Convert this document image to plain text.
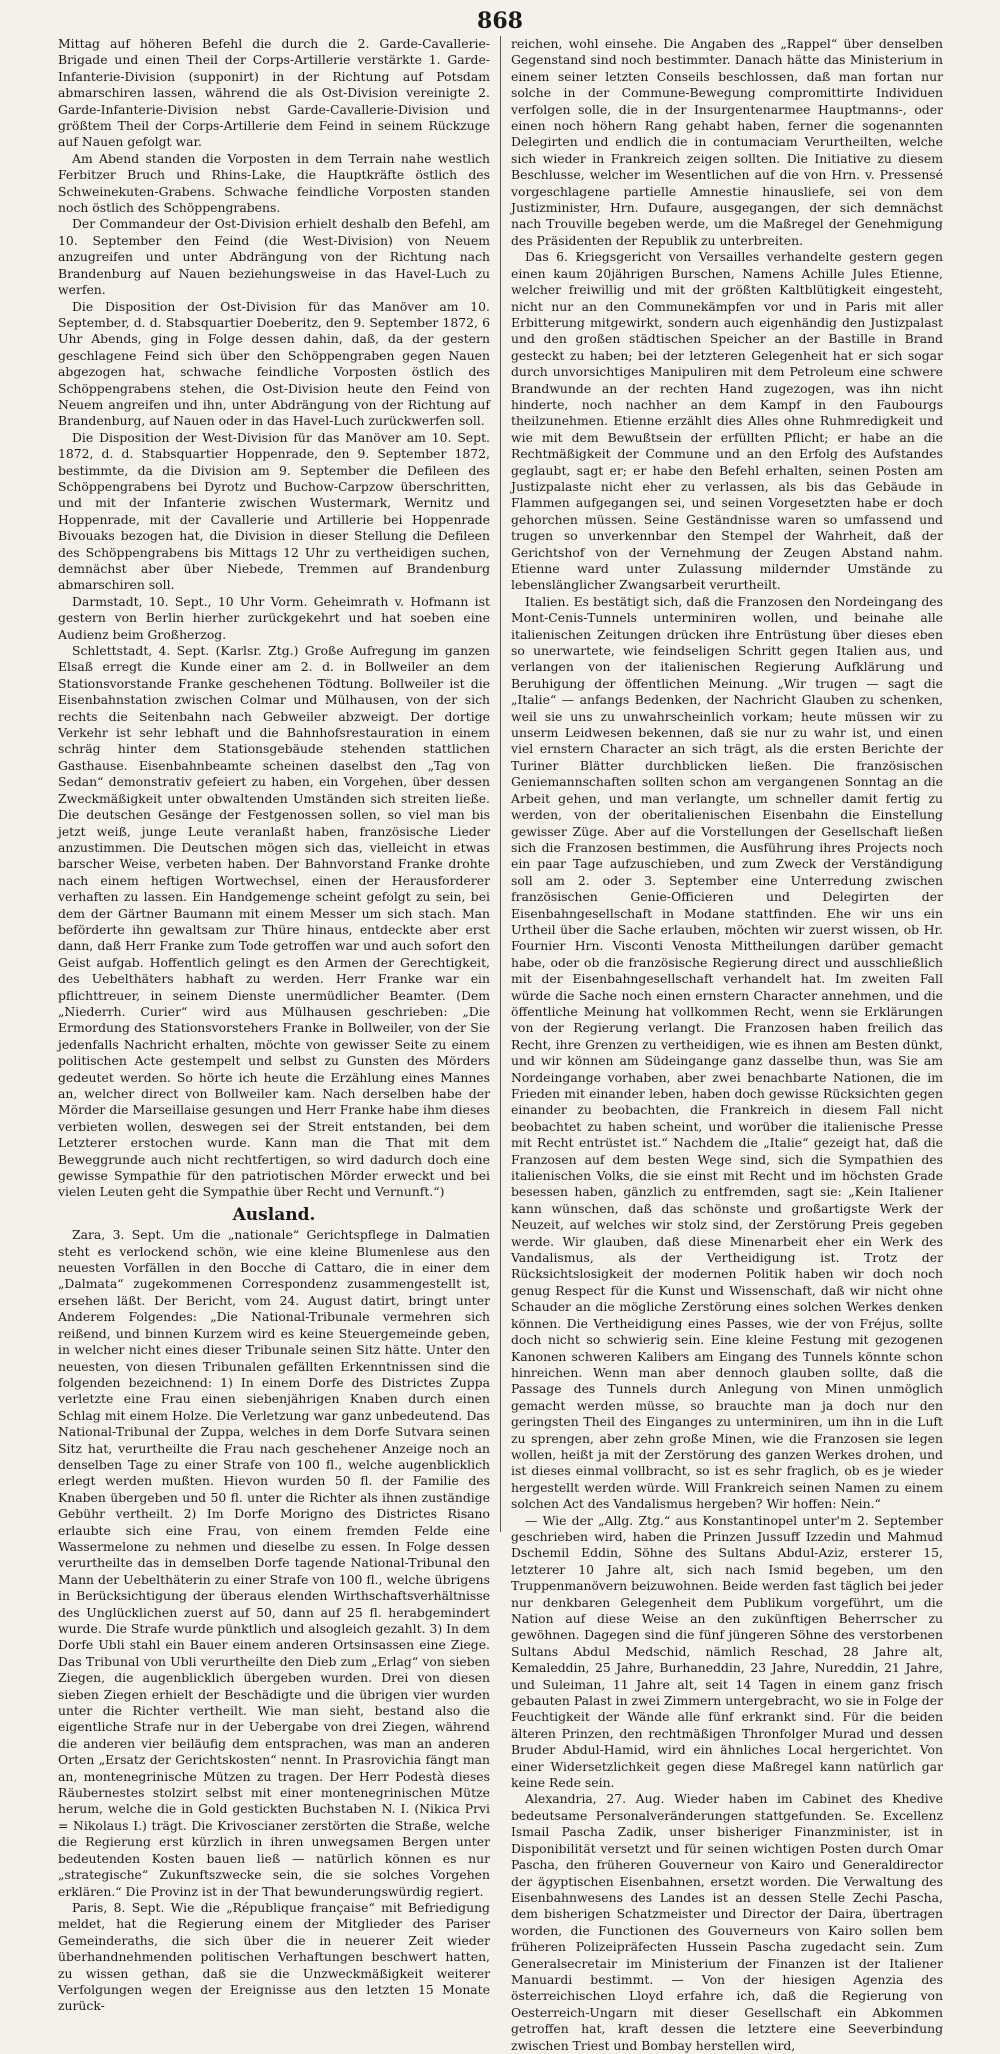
868

Mittag auf höheren Befehl die durch die 2. Garde-Cavallerie-Brigade und einen Theil der Corps-Artillerie verstärkte 1. Garde-Infanterie-Division (supponirt) in der Richtung auf Potsdam abmarschiren lassen, während die als Ost-Division vereinigte 2. Garde-Infanterie-Division nebst Garde-Cavallerie-Division und größtem Theil der Corps-Artillerie dem Feind in seinem Rückzuge auf Nauen gefolgt war.

Am Abend standen die Vorposten in dem Terrain nahe westlich Ferbitzer Bruch und Rhins-Lake, die Hauptkräfte östlich des Schweinekuten-Grabens. Schwache feindliche Vorposten standen noch östlich des Schöppengrabens.

Der Commandeur der Ost-Division erhielt deshalb den Befehl, am 10. September den Feind (die West-Division) von Neuem anzugreifen und unter Abdrängung von der Richtung nach Brandenburg auf Nauen beziehungsweise in das Havel-Luch zu werfen.

Die Disposition der Ost-Division für das Manöver am 10. September, d. d. Stabsquartier Doeberitz, den 9. September 1872, 6 Uhr Abends, ging in Folge dessen dahin, daß, da der gestern geschlagene Feind sich über den Schöppengraben gegen Nauen abgezogen hat, schwache feindliche Vorposten östlich des Schöppengrabens stehen, die Ost-Division heute den Feind von Neuem angreifen und ihn, unter Abdrängung von der Richtung auf Brandenburg, auf Nauen oder in das Havel-Luch zurückwerfen soll.

Die Disposition der West-Division für das Manöver am 10. Sept. 1872, d. d. Stabsquartier Hoppenrade, den 9. September 1872, bestimmte, da die Division am 9. September die Defileen des Schöppengrabens bei Dyrotz und Buchow-Carpzow überschritten, und mit der Infanterie zwischen Wustermark, Wernitz und Hoppenrade, mit der Cavallerie und Artillerie bei Hoppenrade Bivouaks bezogen hat, die Division in dieser Stellung die Defileen des Schöppengrabens bis Mittags 12 Uhr zu vertheidigen suchen, demnächst aber über Niebede, Tremmen auf Brandenburg abmarschiren soll.

Darmstadt, 10. Sept., 10 Uhr Vorm. Geheimrath v. Hofmann ist gestern von Berlin hierher zurückgekehrt und hat soeben eine Audienz beim Großherzog.

Schlettstadt, 4. Sept. (Karlsr. Ztg.) Große Aufregung im ganzen Elsaß erregt die Kunde einer am 2. d. in Bollweiler an dem Stationsvorstande Franke geschehenen Tödtung. Bollweiler ist die Eisenbahnstation zwischen Colmar und Mülhausen, von der sich rechts die Seitenbahn nach Gebweiler abzweigt. Der dortige Verkehr ist sehr lebhaft und die Bahnhofsrestauration in einem schräg hinter dem Stationsgebäude stehenden stattlichen Gasthause. Eisenbahnbeamte scheinen daselbst den „Tag von Sedan“ demonstrativ gefeiert zu haben, ein Vorgehen, über dessen Zweckmäßigkeit unter obwaltenden Umständen sich streiten ließe. Die deutschen Gesänge der Festgenossen sollen, so viel man bis jetzt weiß, junge Leute veranlaßt haben, französische Lieder anzustimmen. Die Deutschen mögen sich das, vielleicht in etwas barscher Weise, verbeten haben. Der Bahnvorstand Franke drohte nach einem heftigen Wortwechsel, einen der Herausforderer verhaften zu lassen. Ein Handgemenge scheint gefolgt zu sein, bei dem der Gärtner Baumann mit einem Messer um sich stach. Man beförderte ihn gewaltsam zur Thüre hinaus, entdeckte aber erst dann, daß Herr Franke zum Tode getroffen war und auch sofort den Geist aufgab. Hoffentlich gelingt es den Armen der Gerechtigkeit, des Uebelthäters habhaft zu werden. Herr Franke war ein pflichttreuer, in seinem Dienste unermüdlicher Beamter. (Dem „Niederrh. Curier“ wird aus Mülhausen geschrieben: „Die Ermordung des Stationsvorstehers Franke in Bollweiler, von der Sie jedenfalls Nachricht erhalten, möchte von gewisser Seite zu einem politischen Acte gestempelt und selbst zu Gunsten des Mörders gedeutet werden. So hörte ich heute die Erzählung eines Mannes an, welcher direct von Bollweiler kam. Nach derselben habe der Mörder die Marseillaise gesungen und Herr Franke habe ihm dieses verbieten wollen, deswegen sei der Streit entstanden, bei dem Letzterer erstochen wurde. Kann man die That mit dem Beweggrunde auch nicht rechtfertigen, so wird dadurch doch eine gewisse Sympathie für den patriotischen Mörder erweckt und bei vielen Leuten geht die Sympathie über Recht und Vernunft.“)

Ausland.

Zara, 3. Sept. Um die „nationale“ Gerichtspflege in Dalmatien steht es verlockend schön, wie eine kleine Blumenlese aus den neuesten Vorfällen in den Bocche di Cattaro, die in einer dem „Dalmata“ zugekommenen Correspondenz zusammengestellt ist, ersehen läßt. Der Bericht, vom 24. August datirt, bringt unter Anderem Folgendes: „Die National-Tribunale vermehren sich reißend, und binnen Kurzem wird es keine Steuergemeinde geben, in welcher nicht eines dieser Tribunale seinen Sitz hätte. Unter den neuesten, von diesen Tribunalen gefällten Erkenntnissen sind die folgenden bezeichnend: 1) In einem Dorfe des Districtes Zuppa verletzte eine Frau einen siebenjährigen Knaben durch einen Schlag mit einem Holze. Die Verletzung war ganz unbedeutend. Das National-Tribunal der Zuppa, welches in dem Dorfe Sutvara seinen Sitz hat, verurtheilte die Frau nach geschehener Anzeige noch an denselben Tage zu einer Strafe von 100 fl., welche augenblicklich erlegt werden mußten. Hievon wurden 50 fl. der Familie des Knaben übergeben und 50 fl. unter die Richter als ihnen zuständige Gebühr vertheilt. 2) Im Dorfe Morigno des Districtes Risano erlaubte sich eine Frau, von einem fremden Felde eine Wassermelone zu nehmen und dieselbe zu essen. In Folge dessen verurtheilte das in demselben Dorfe tagende National-Tribunal den Mann der Uebelthäterin zu einer Strafe von 100 fl., welche übrigens in Berücksichtigung der überaus elenden Wirthschaftsverhältnisse des Unglücklichen zuerst auf 50, dann auf 25 fl. herabgemindert wurde. Die Strafe wurde pünktlich und alsogleich gezahlt. 3) In dem Dorfe Ubli stahl ein Bauer einem anderen Ortsinsassen eine Ziege. Das Tribunal von Ubli verurtheilte den Dieb zum „Erlag“ von sieben Ziegen, die augenblicklich übergeben wurden. Drei von diesen sieben Ziegen erhielt der Beschädigte und die übrigen vier wurden unter die Richter vertheilt. Wie man sieht, bestand also die eigentliche Strafe nur in der Uebergabe von drei Ziegen, während die anderen vier beiläufig dem entsprachen, was man an anderen Orten „Ersatz der Gerichtskosten“ nennt. In Prasrovichia fängt man an, montenegrinische Mützen zu tragen. Der Herr Podestà dieses Räubernestes stolzirt selbst mit einer montenegrinischen Mütze herum, welche die in Gold gestickten Buchstaben N. I. (Nikica Prvi = Nikolaus I.) trägt. Die Krivoscianer zerstörten die Straße, welche die Regierung erst kürzlich in ihren unwegsamen Bergen unter bedeutenden Kosten bauen ließ — natürlich können es nur „strategische“ Zukunftszwecke sein, die sie solches Vorgehen erklären.“ Die Provinz ist in der That bewunderungswürdig regiert.

Paris, 8. Sept. Wie die „République française“ mit Befriedigung meldet, hat die Regierung einem der Mitglieder des Pariser Gemeinderaths, die sich über die in neuerer Zeit wieder überhandnehmenden politischen Verhaftungen beschwert hatten, zu wissen gethan, daß sie die Unzweckmäßigkeit weiterer Verfolgungen wegen der Ereignisse aus den letzten 15 Monate zurück-

reichen, wohl einsehe. Die Angaben des „Rappel“ über denselben Gegenstand sind noch bestimmter. Danach hätte das Ministerium in einem seiner letzten Conseils beschlossen, daß man fortan nur solche in der Commune-Bewegung compromittirte Individuen verfolgen solle, die in der Insurgentenarmee Hauptmanns-, oder einen noch höhern Rang gehabt haben, ferner die sogenannten Delegirten und endlich die in contumaciam Verurtheilten, welche sich wieder in Frankreich zeigen sollten. Die Initiative zu diesem Beschlusse, welcher im Wesentlichen auf die von Hrn. v. Pressensé vorgeschlagene partielle Amnestie hinausliefe, sei von dem Justizminister, Hrn. Dufaure, ausgegangen, der sich demnächst nach Trouville begeben werde, um die Maßregel der Genehmigung des Präsidenten der Republik zu unterbreiten.

Das 6. Kriegsgericht von Versailles verhandelte gestern gegen einen kaum 20jährigen Burschen, Namens Achille Jules Etienne, welcher freiwillig und mit der größten Kaltblütigkeit eingesteht, nicht nur an den Communekämpfen vor und in Paris mit aller Erbitterung mitgewirkt, sondern auch eigenhändig den Justizpalast und den großen städtischen Speicher an der Bastille in Brand gesteckt zu haben; bei der letzteren Gelegenheit hat er sich sogar durch unvorsichtiges Manipuliren mit dem Petroleum eine schwere Brandwunde an der rechten Hand zugezogen, was ihn nicht hinderte, noch nachher an dem Kampf in den Faubourgs theilzunehmen. Etienne erzählt dies Alles ohne Ruhmredigkeit und wie mit dem Bewußtsein der erfüllten Pflicht; er habe an die Rechtmäßigkeit der Commune und an den Erfolg des Aufstandes geglaubt, sagt er; er habe den Befehl erhalten, seinen Posten am Justizpalaste nicht eher zu verlassen, als bis das Gebäude in Flammen aufgegangen sei, und seinen Vorgesetzten habe er doch gehorchen müssen. Seine Geständnisse waren so umfassend und trugen so unverkennbar den Stempel der Wahrheit, daß der Gerichtshof von der Vernehmung der Zeugen Abstand nahm. Etienne ward unter Zulassung mildernder Umstände zu lebenslänglicher Zwangsarbeit verurtheilt.

Italien. Es bestätigt sich, daß die Franzosen den Nordeingang des Mont-Cenis-Tunnels unterminiren wollen, und beinahe alle italienischen Zeitungen drücken ihre Entrüstung über dieses eben so unerwartete, wie feindseligen Schritt gegen Italien aus, und verlangen von der italienischen Regierung Aufklärung und Beruhigung der öffentlichen Meinung. „Wir trugen — sagt die „Italie“ — anfangs Bedenken, der Nachricht Glauben zu schenken, weil sie uns zu unwahrscheinlich vorkam; heute müssen wir zu unserm Leidwesen bekennen, daß sie nur zu wahr ist, und einen viel ernstern Character an sich trägt, als die ersten Berichte der Turiner Blätter durchblicken ließen. Die französischen Geniemannschaften sollten schon am vergangenen Sonntag an die Arbeit gehen, und man verlangte, um schneller damit fertig zu werden, von der oberitalienischen Eisenbahn die Einstellung gewisser Züge. Aber auf die Vorstellungen der Gesellschaft ließen sich die Franzosen bestimmen, die Ausführung ihres Projects noch ein paar Tage aufzuschieben, und zum Zweck der Verständigung soll am 2. oder 3. September eine Unterredung zwischen französischen Genie-Officieren und Delegirten der Eisenbahngesellschaft in Modane stattfinden. Ehe wir uns ein Urtheil über die Sache erlauben, möchten wir zuerst wissen, ob Hr. Fournier Hrn. Visconti Venosta Mittheilungen darüber gemacht habe, oder ob die französische Regierung direct und ausschließlich mit der Eisenbahngesellschaft verhandelt hat. Im zweiten Fall würde die Sache noch einen ernstern Character annehmen, und die öffentliche Meinung hat vollkommen Recht, wenn sie Erklärungen von der Regierung verlangt. Die Franzosen haben freilich das Recht, ihre Grenzen zu vertheidigen, wie es ihnen am Besten dünkt, und wir können am Südeingange ganz dasselbe thun, was Sie am Nordeingange vorhaben, aber zwei benachbarte Nationen, die im Frieden mit einander leben, haben doch gewisse Rücksichten gegen einander zu beobachten, die Frankreich in diesem Fall nicht beobachtet zu haben scheint, und worüber die italienische Presse mit Recht entrüstet ist.“ Nachdem die „Italie“ gezeigt hat, daß die Franzosen auf dem besten Wege sind, sich die Sympathien des italienischen Volks, die sie einst mit Recht und im höchsten Grade besessen haben, gänzlich zu entfremden, sagt sie: „Kein Italiener kann wünschen, daß das schönste und großartigste Werk der Neuzeit, auf welches wir stolz sind, der Zerstörung Preis gegeben werde. Wir glauben, daß diese Minenarbeit eher ein Werk des Vandalismus, als der Vertheidigung ist. Trotz der Rücksichtslosigkeit der modernen Politik haben wir doch noch genug Respect für die Kunst und Wissenschaft, daß wir nicht ohne Schauder an die mögliche Zerstörung eines solchen Werkes denken können. Die Vertheidigung eines Passes, wie der von Fréjus, sollte doch nicht so schwierig sein. Eine kleine Festung mit gezogenen Kanonen schweren Kalibers am Eingang des Tunnels könnte schon hinreichen. Wenn man aber dennoch glauben sollte, daß die Passage des Tunnels durch Anlegung von Minen unmöglich gemacht werden müsse, so brauchte man ja doch nur den geringsten Theil des Einganges zu unterminiren, um ihn in die Luft zu sprengen, aber zehn große Minen, wie die Franzosen sie legen wollen, heißt ja mit der Zerstörung des ganzen Werkes drohen, und ist dieses einmal vollbracht, so ist es sehr fraglich, ob es je wieder hergestellt werden würde. Will Frankreich seinen Namen zu einem solchen Act des Vandalismus hergeben? Wir hoffen: Nein.“

— Wie der „Allg. Ztg.“ aus Konstantinopel unter'm 2. September geschrieben wird, haben die Prinzen Jussuff Izzedin und Mahmud Dschemil Eddin, Söhne des Sultans Abdul-Aziz, ersterer 15, letzterer 10 Jahre alt, sich nach Ismid begeben, um den Truppenmanövern beizuwohnen. Beide werden fast täglich bei jeder nur denkbaren Gelegenheit dem Publikum vorgeführt, um die Nation auf diese Weise an den zukünftigen Beherrscher zu gewöhnen. Dagegen sind die fünf jüngeren Söhne des verstorbenen Sultans Abdul Medschid, nämlich Reschad, 28 Jahre alt, Kemaleddin, 25 Jahre, Burhaneddin, 23 Jahre, Nureddin, 21 Jahre, und Suleiman, 11 Jahre alt, seit 14 Tagen in einem ganz frisch gebauten Palast in zwei Zimmern untergebracht, wo sie in Folge der Feuchtigkeit der Wände alle fünf erkrankt sind. Für die beiden älteren Prinzen, den rechtmäßigen Thronfolger Murad und dessen Bruder Abdul-Hamid, wird ein ähnliches Local hergerichtet. Von einer Widersetzlichkeit gegen diese Maßregel kann natürlich gar keine Rede sein.

Alexandria, 27. Aug. Wieder haben im Cabinet des Khedive bedeutsame Personalveränderungen stattgefunden. Se. Excellenz Ismail Pascha Zadik, unser bisheriger Finanzminister, ist in Disponibilität versetzt und für seinen wichtigen Posten durch Omar Pascha, den früheren Gouverneur von Kairo und Generaldirector der ägyptischen Eisenbahnen, ersetzt worden. Die Verwaltung des Eisenbahnwesens des Landes ist an dessen Stelle Zechi Pascha, dem bisherigen Schatzmeister und Director der Daira, übertragen worden, die Functionen des Gouverneurs von Kairo sollen bem früheren Polizeipräfecten Hussein Pascha zugedacht sein. Zum Generalsecretair im Ministerium der Finanzen ist der Italiener Manuardi bestimmt. — Von der hiesigen Agenzia des österreichischen Lloyd erfahre ich, daß die Regierung von Oesterreich-Ungarn mit dieser Gesellschaft ein Abkommen getroffen hat, kraft dessen die letztere eine Seeverbindung zwischen Triest und Bombay herstellen wird,
